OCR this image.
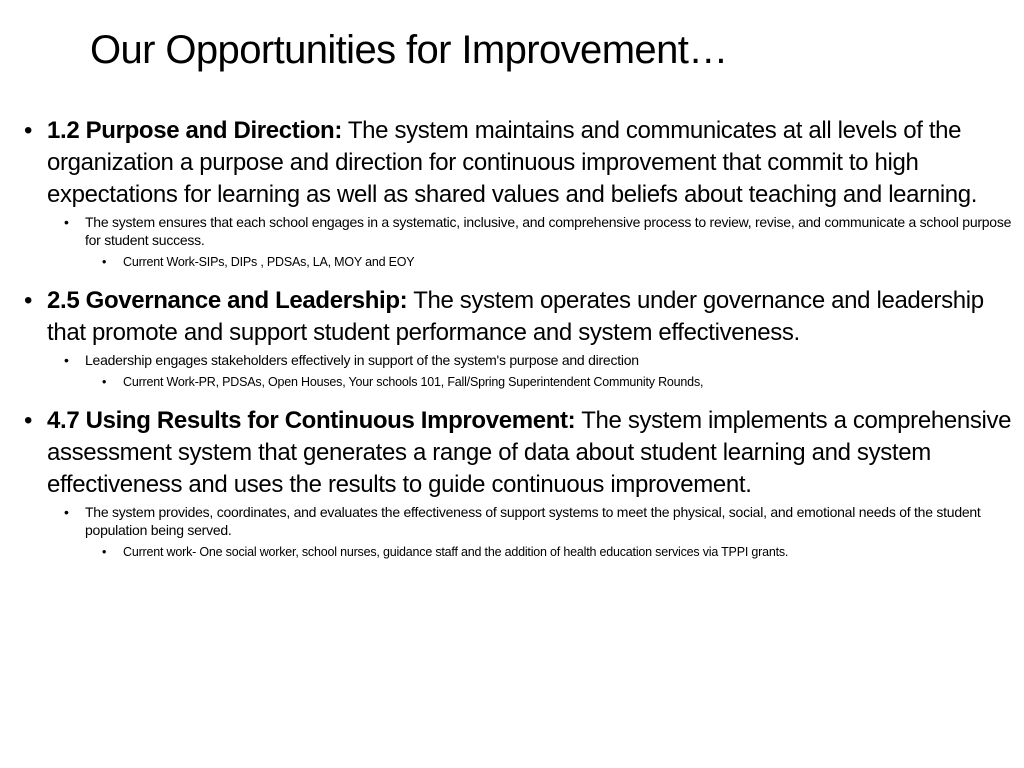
Our Opportunities for Improvement…

• 1.2 Purpose and Direction: The system maintains and communicates at all levels of the organization a purpose and direction for continuous improvement that commit to high expectations for learning as well as shared values and beliefs about teaching and learning.

•	The system ensures that each school engages in a systematic, inclusive, and comprehensive process to review, revise, and communicate a school purpose for student success.

•	Current Work-SIPs, DIPs , PDSAs, LA, MOY and EOY

• 2.5 Governance and Leadership: The system operates under governance and leadership that promote and support student performance and system effectiveness.

•	Leadership engages stakeholders effectively in support of the system's purpose and direction

•	Current Work-PR, PDSAs, Open Houses, Your schools 101, Fall/Spring Superintendent Community Rounds,

• 4.7 Using Results for Continuous Improvement: The system implements a comprehensive assessment system that generates a range of data about student learning and system effectiveness and uses the results to guide continuous improvement.

•	The system provides, coordinates, and evaluates the effectiveness of support systems to meet the physical, social, and emotional needs of the student population being served.

•	Current work- One social worker, school nurses, guidance staff and the addition of health education services via TPPI grants.
